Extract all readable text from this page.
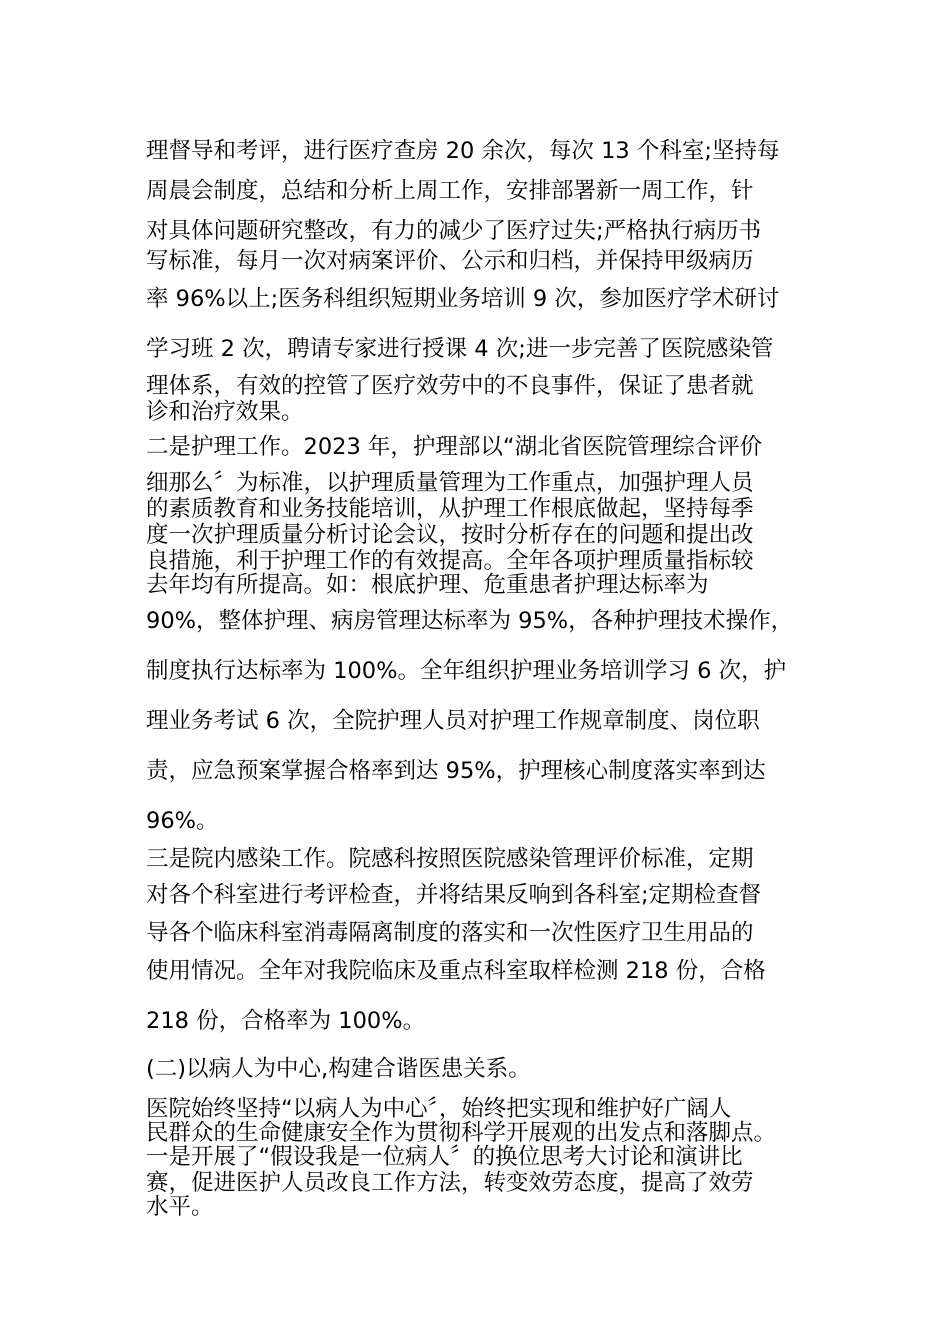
理督导和考评，进行医疗查房 20 余次，每次 13 个科室;坚持每
周晨会制度，总结和分析上周工作，安排部署新一周工作，针
对具体问题研究整改，有力的减少了医疗过失;严格执行病历书
写标准，每月一次对病案评价、公示和归档，并保持甲级病历
率 96%以上;医务科组织短期业务培训 9 次，参加医疗学术研讨
学习班 2 次，聘请专家进行授课 4 次;进一步完善了医院感染管
理体系，有效的控管了医疗效劳中的不良事件，保证了患者就
诊和治疗效果。
二是护理工作。2023 年，护理部以“湖北省医院管理综合评价
细那么〞为标准，以护理质量管理为工作重点，加强护理人员
的素质教育和业务技能培训，从护理工作根底做起，坚持每季
度一次护理质量分析讨论会议，按时分析存在的问题和提出改
良措施，利于护理工作的有效提高。全年各项护理质量指标较
去年均有所提高。如：根底护理、危重患者护理达标率为
90%，整体护理、病房管理达标率为 95%，各种护理技术操作，
制度执行达标率为 100%。全年组织护理业务培训学习 6 次，护
理业务考试 6 次，全院护理人员对护理工作规章制度、岗位职
责，应急预案掌握合格率到达 95%，护理核心制度落实率到达
96%。
三是院内感染工作。院感科按照医院感染管理评价标准，定期
对各个科室进行考评检查，并将结果反响到各科室;定期检查督
导各个临床科室消毒隔离制度的落实和一次性医疗卫生用品的
使用情况。全年对我院临床及重点科室取样检测 218 份，合格
218 份，合格率为 100%。
(二)以病人为中心,构建合谐医患关系。
医院始终坚持“以病人为中心〞，始终把实现和维护好广阔人
民群众的生命健康安全作为贯彻科学开展观的出发点和落脚点。
一是开展了“假设我是一位病人〞的换位思考大讨论和演讲比
赛，促进医护人员改良工作方法，转变效劳态度，提高了效劳
水平。
